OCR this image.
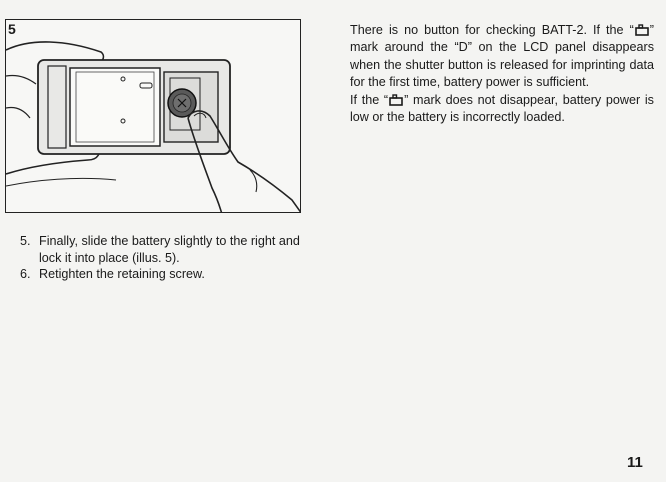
5	There is no button for checking BATT-2. If the “ ” mark around the “D” on the LCD panel disappears when the shutter button is released for imprinting data for the first time, battery power is sufficient.

If the “ ” mark does not disappear, battery power is low or the battery is incorrectly loaded.

5. Finally, slide the battery slightly to the right and lock it into place (illus. 5).
6. Retighten the retaining screw.
11
